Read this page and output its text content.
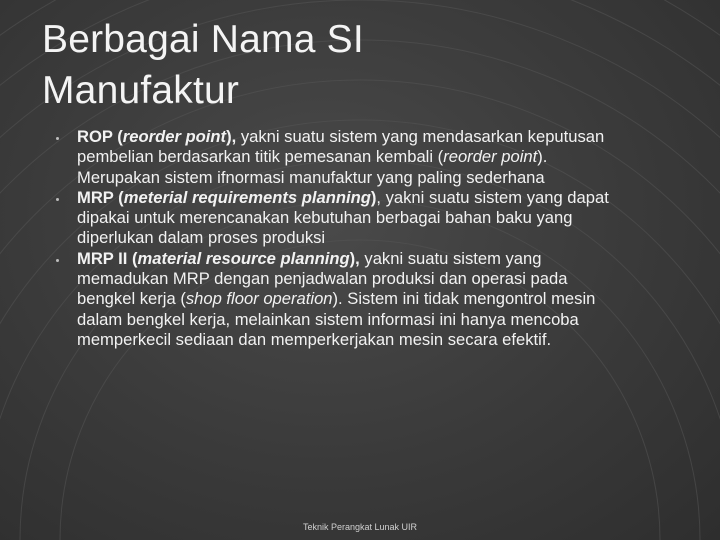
Berbagai Nama SI
Manufaktur
ROP (reorder point), yakni suatu sistem yang mendasarkan keputusan pembelian berdasarkan titik pemesanan kembali (reorder point). Merupakan sistem ifnormasi manufaktur yang paling sederhana
MRP (meterial requirements planning), yakni suatu sistem yang dapat dipakai untuk merencanakan kebutuhan berbagai bahan baku yang diperlukan dalam proses produksi
MRP II (material resource planning), yakni suatu sistem yang memadukan MRP dengan penjadwalan produksi dan operasi pada bengkel kerja (shop floor operation). Sistem ini tidak mengontrol mesin dalam bengkel kerja, melainkan sistem informasi ini hanya mencoba memperkecil sediaan dan memperkerjakan mesin secara efektif.
Teknik Perangkat Lunak UIR
